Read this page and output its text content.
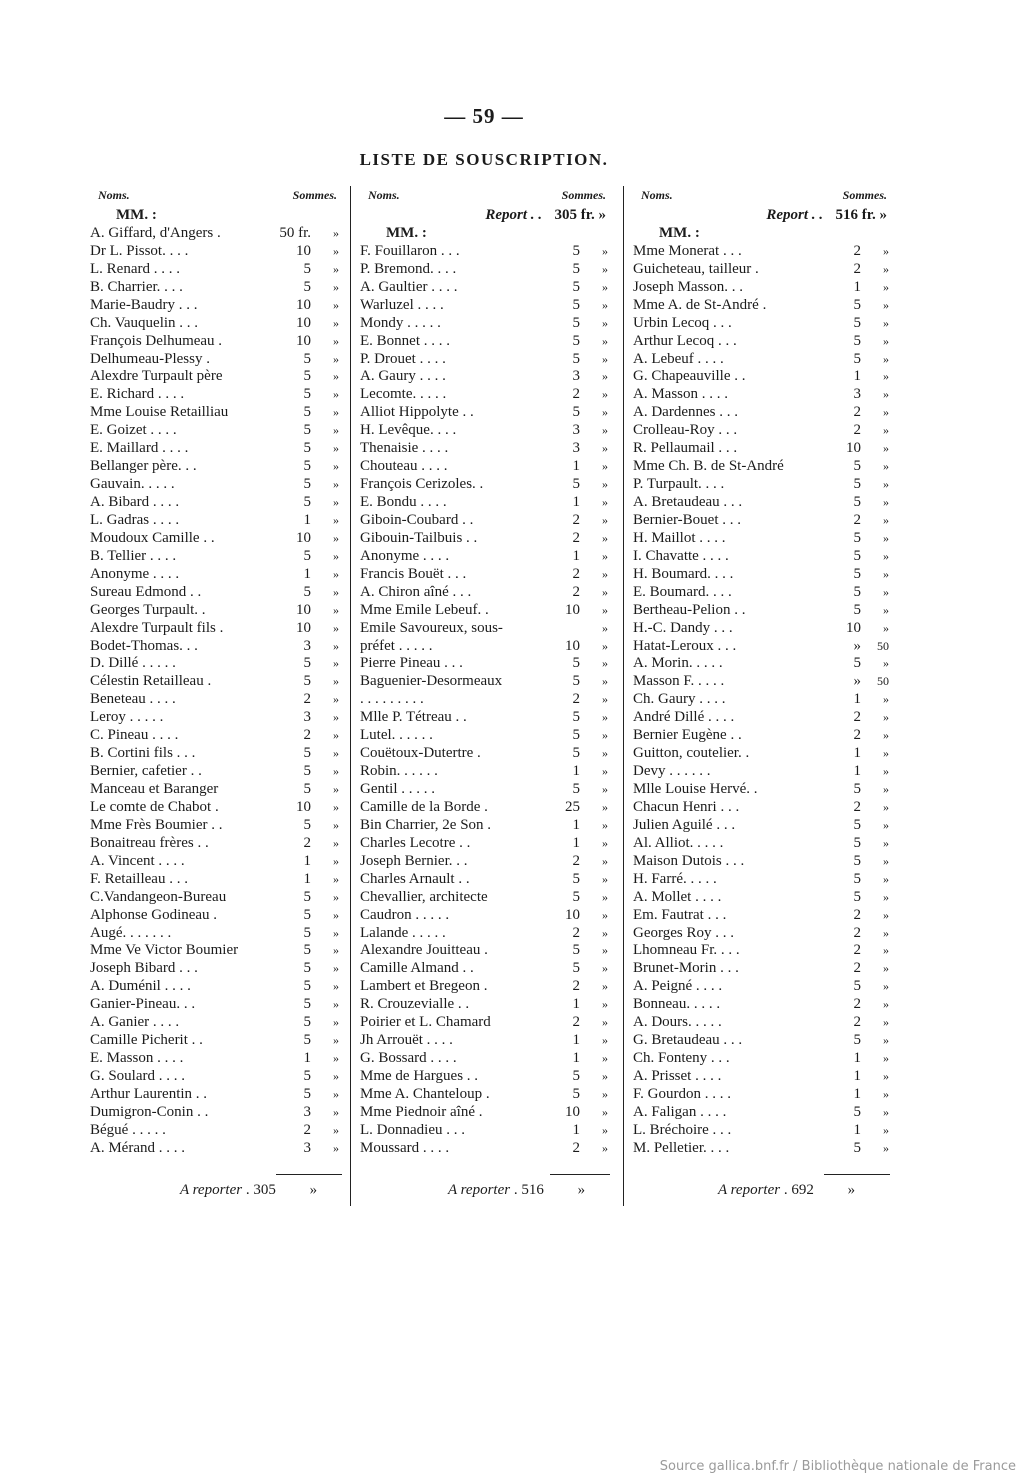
— 59 —
LISTE DE SOUSCRIPTION.
Noms.	Sommes.
MM. :
A. Giffard, d'Angers .	50 fr. »
Dr L. Pissot. . . .	10 »
L. Renard . . . .	5 »
B. Charrier. . . .	5 »
Marie-Baudry . . .	10 »
Ch. Vauquelin . . .	10 »
François Delhumeau .	10 »
Delhumeau-Plessy .	5 »
Alexdre Turpault père	5 »
E. Richard . . . .	5 »
Mme Louise Retailliau	5 »
E. Goizet . . . .	5 »
E. Maillard . . . .	5 »
Bellanger père. . .	5 »
Gauvain. . . . .	5 »
A. Bibard . . . .	5 »
L. Gadras . . . .	1 »
Moudoux Camille . .	10 »
B. Tellier . . . .	5 »
Anonyme . . . .	1 »
Sureau Edmond . .	5 »
Georges Turpault. .	10 »
Alexdre Turpault fils .	10 »
Bodet-Thomas. . .	3 »
D. Dillé . . . . .	5 »
Célestin Retailleau .	5 »
Beneteau . . . .	2 »
Leroy . . . . .	3 »
C. Pineau . . . .	2 »
B. Cortini fils . . .	5 »
Bernier, cafetier . .	5 »
Manceau et Baranger	5 »
Le comte de Chabot .	10 »
Mme Frès Boumier . .	5 »
Bonaitreau frères . .	2 »
A. Vincent . . . .	1 »
F. Retailleau . . .	1 »
C.Vandangeon-Bureau	5 »
Alphonse Godineau .	5 »
Augé. . . . . . .	5 »
Mme Ve Victor Boumier	5 »
Joseph Bibard . . .	5 »
A. Duménil . . . .	5 »
Ganier-Pineau. . .	5 »
A. Ganier . . . .	5 »
Camille Picherit . .	5 »
E. Masson . . . .	1 »
G. Soulard . . . .	5 »
Arthur Laurentin . .	5 »
Dumigron-Conin . .	3 »
Bégué . . . . .	2 »
A. Mérand . . . .	3 »
Noms.	Sommes.
Report . . 305 fr. »
MM. :
F. Fouillaron . . .	5 »
P. Bremond. . . .	5 »
A. Gaultier . . . .	5 »
Warluzel . . . .	5 »
Mondy . . . . .	5 »
E. Bonnet . . . .	5 »
P. Drouet . . . .	5 »
A. Gaury . . . .	3 »
Lecomte. . . . .	2 »
Alliot Hippolyte . .	5 »
H. Levêque. . . .	3 »
Thenaisie . . . .	3 »
Chouteau . . . .	1 »
François Cerizoles. .	5 »
E. Bondu . . . .	1 »
Giboin-Coubard . .	2 »
Gibouin-Tailbuis . .	2 »
Anonyme . . . .	1 »
Francis Bouët . . .	2 »
A. Chiron aîné . . .	2 »
Mme Emile Lebeuf. .	10 »
Emile Savoureux, sous-	»
préfet . . . . .	10 »
Pierre Pineau . . .	5 »
Baguenier-Desormeaux	5 »
. . . . . . . . .	2 »
Mlle P. Tétreau . .	5 »
Lutel. . . . . .	5 »
Couëtoux-Dutertre .	5 »
Robin. . . . . .	1 »
Gentil . . . . .	5 »
Camille de la Borde .	25 »
Bin Charrier, 2e Son .	1 »
Charles Lecotre . .	1 »
Joseph Bernier. . .	2 »
Charles Arnault . .	5 »
Chevallier, architecte	5 »
Caudron . . . . .	10 »
Lalande . . . . .	2 »
Alexandre Jouitteau .	5 »
Camille Almand . .	5 »
Lambert et Bregeon .	2 »
R. Crouzevialle . .	1 »
Poirier et L. Chamard	2 »
Jh Arrouët . . . .	1 »
G. Bossard . . . .	1 »
Mme de Hargues . .	5 »
Mme A. Chanteloup .	5 »
Mme Piednoir aîné .	10 »
L. Donnadieu . . .	1 »
Moussard . . . .	2 »
Noms.	Sommes.
Report . . 516 fr. »
MM. :
Mme Monerat . . .	2 »
Guicheteau, tailleur .	2 »
Joseph Masson. . .	1 »
Mme A. de St-André .	5 »
Urbin Lecoq . . .	5 »
Arthur Lecoq . . .	5 »
A. Lebeuf . . . .	5 »
G. Chapeauville . .	1 »
A. Masson . . . .	3 »
A. Dardennes . . .	2 »
Crolleau-Roy . . .	2 »
R. Pellaumail . . .	10 »
Mme Ch. B. de St-André	5 »
P. Turpault. . . .	5 »
A. Bretaudeau . . .	5 »
Bernier-Bouet . . .	2 »
H. Maillot . . . .	5 »
I. Chavatte . . . .	5 »
H. Boumard. . . .	5 »
E. Boumard. . . .	5 »
Bertheau-Pelion . .	5 »
H.-C. Dandy . . .	10 »
Hatat-Leroux . . .	» 50
A. Morin. . . . .	5 »
Masson F. . . . .	» 50
Ch. Gaury . . . .	1 »
André Dillé . . . .	2 »
Bernier Eugène . .	2 »
Guitton, coutelier. .	1 »
Devy . . . . . .	1 »
Mlle Louise Hervé. .	5 »
Chacun Henri . . .	2 »
Julien Aguilé . . .	5 »
Al. Alliot. . . . .	5 »
Maison Dutois . . .	5 »
H. Farré. . . . .	5 »
A. Mollet . . . .	5 »
Em. Fautrat . . .	2 »
Georges Roy . . .	2 »
Lhomneau Fr. . . .	2 »
Brunet-Morin . . .	2 »
A. Peigné . . . .	5 »
Bonneau. . . . .	2 »
A. Dours. . . . .	2 »
G. Bretaudeau . . .	5 »
Ch. Fonteny . . .	1 »
A. Prisset . . . .	1 »
F. Gourdon . . . .	1 »
A. Faligan . . . .	5 »
L. Bréchoire . . .	1 »
M. Pelletier. . . .	5 »
A reporter . 305 »	A reporter . 516 »	A reporter . 692 »
Source gallica.bnf.fr / Bibliothèque nationale de France
